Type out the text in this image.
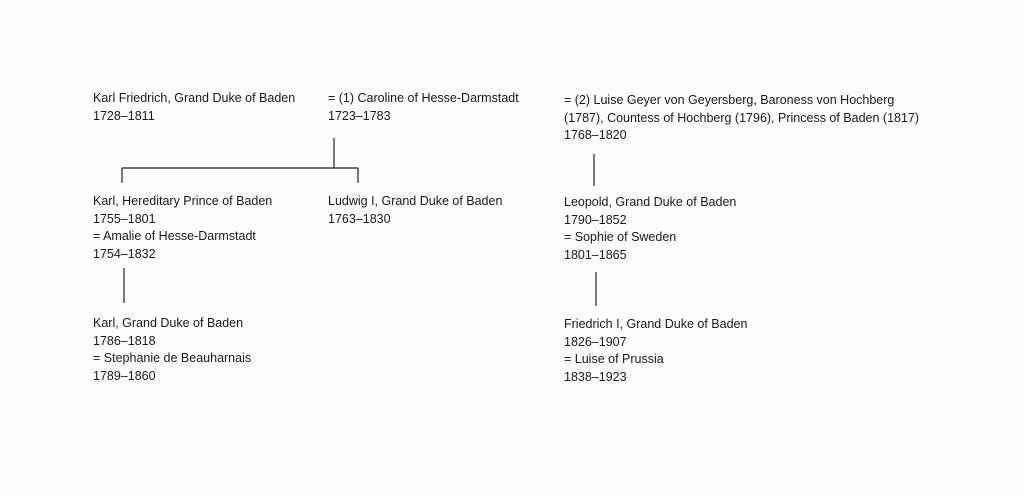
Karl Friedrich, Grand Duke of Baden
1728–1811
= (1) Caroline of Hesse-Darmstadt
1723–1783
= (2) Luise Geyer von Geyersberg, Baroness von Hochberg
(1787), Countess of Hochberg (1796), Princess of Baden (1817)
1768–1820
Karl, Hereditary Prince of Baden
1755–1801
= Amalie of Hesse-Darmstadt
1754–1832
Ludwig I, Grand Duke of Baden
1763–1830
Leopold, Grand Duke of Baden
1790–1852
= Sophie of Sweden
1801–1865
Karl, Grand Duke of Baden
1786–1818
= Stephanie de Beauharnais
1789–1860
Friedrich I, Grand Duke of Baden
1826–1907
= Luise of Prussia
1838–1923
